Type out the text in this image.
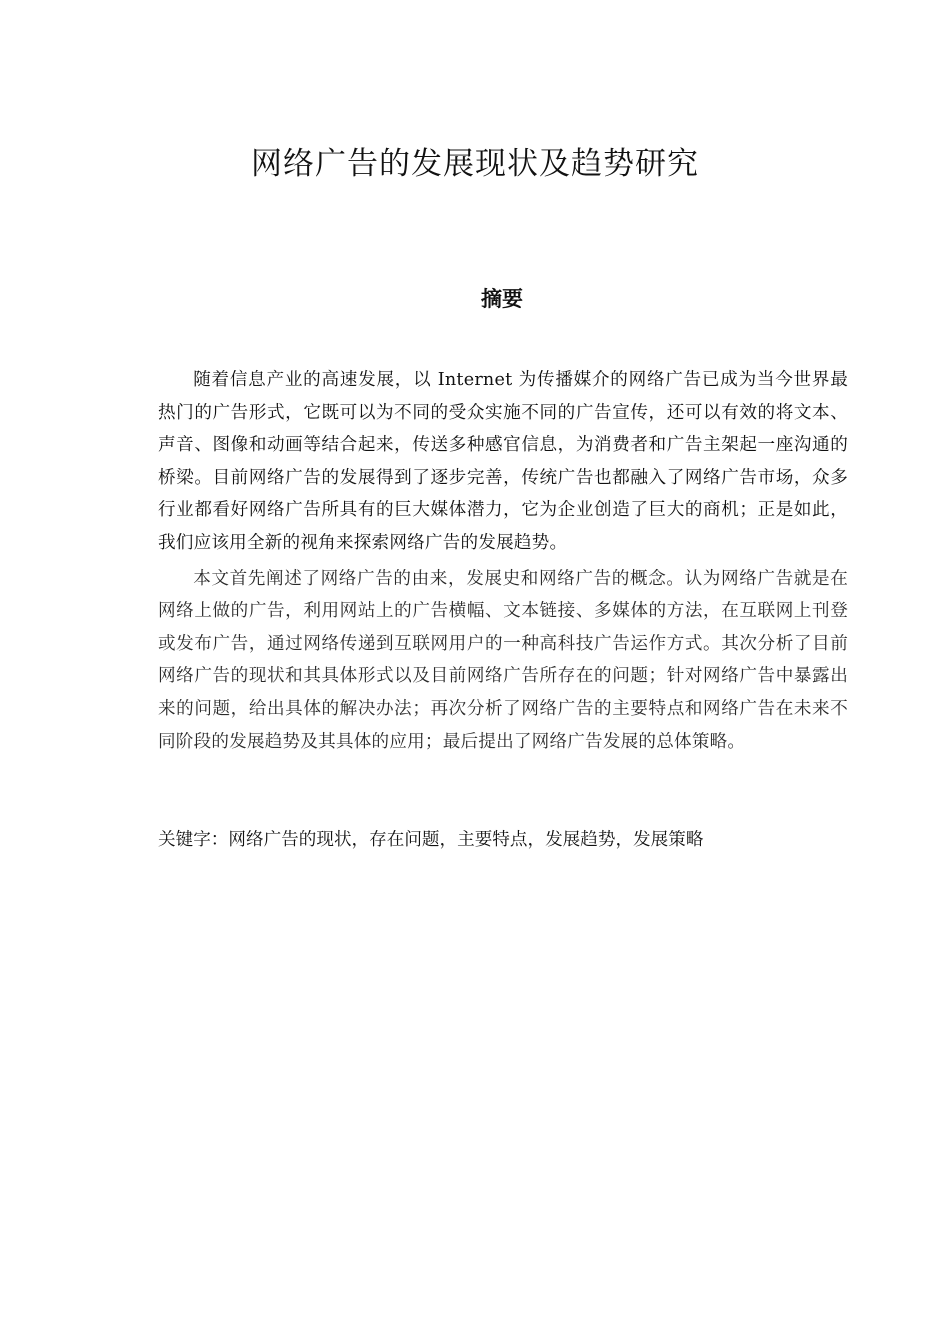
网络广告的发展现状及趋势研究
摘要

随着信息产业的高速发展，以 Internet 为传播媒介的网络广告已成为当今世界最热门的广告形式，它既可以为不同的受众实施不同的广告宣传，还可以有效的将文本、声音、图像和动画等结合起来，传送多种感官信息，为消费者和广告主架起一座沟通的桥梁。目前网络广告的发展得到了逐步完善，传统广告也都融入了网络广告市场，众多行业都看好网络广告所具有的巨大媒体潜力，它为企业创造了巨大的商机；正是如此，我们应该用全新的视角来探索网络广告的发展趋势。

本文首先阐述了网络广告的由来，发展史和网络广告的概念。认为网络广告就是在网络上做的广告，利用网站上的广告横幅、文本链接、多媒体的方法，在互联网上刊登或发布广告，通过网络传递到互联网用户的一种高科技广告运作方式。其次分析了目前网络广告的现状和其具体形式以及目前网络广告所存在的问题；针对网络广告中暴露出来的问题，给出具体的解决办法；再次分析了网络广告的主要特点和网络广告在未来不同阶段的发展趋势及其具体的应用；最后提出了网络广告发展的总体策略。

关键字：网络广告的现状，存在问题，主要特点，发展趋势，发展策略
